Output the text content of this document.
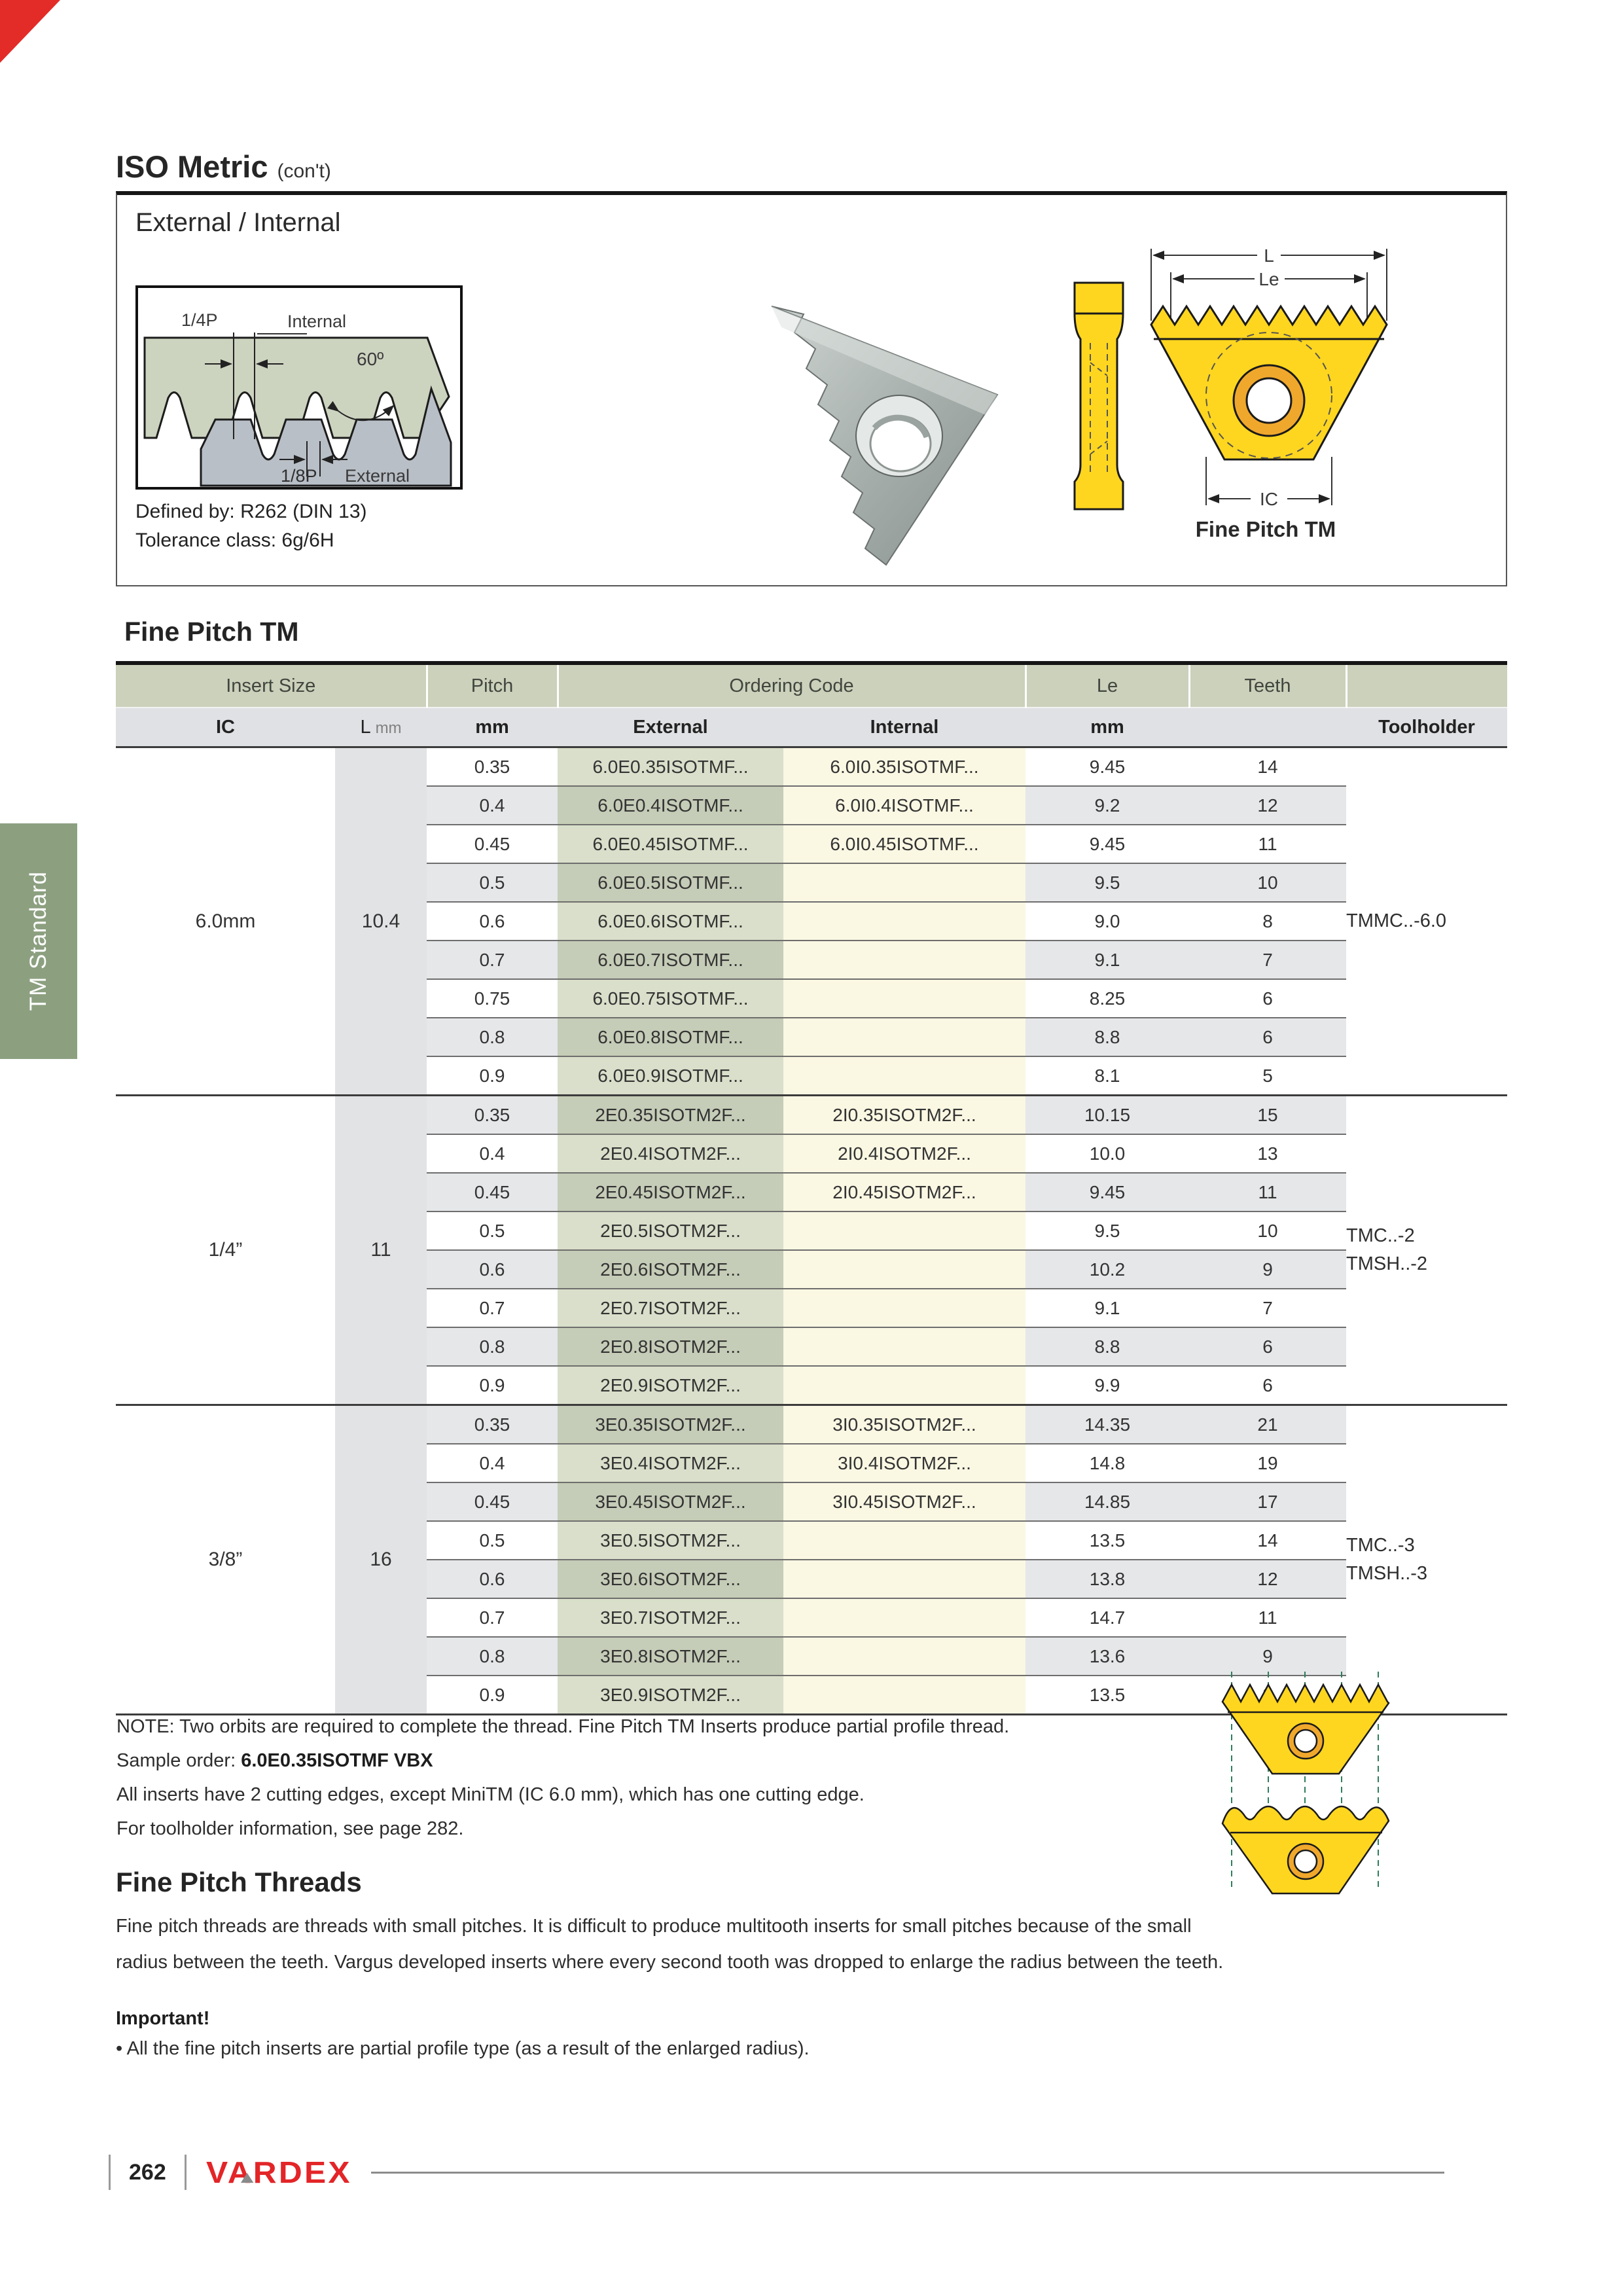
TM Standard
ISO Metric (con't)
External / Internal
1/4P	Internal
60º
1/8P External
Defined by: R262 (DIN 13)
Tolerance class: 6g/6H
L
Le
IC
Fine Pitch TM
Fine Pitch TM
Insert Size		Pitch	Ordering Code		Le	Teeth	
IC	L mm	mm	External	Internal	mm		Toolholder
6.0mm	10.4	0.35	6.0E0.35ISOTMF...	6.0I0.35ISOTMF...	9.45	14	TMMC..-6.0

		0.4	6.0E0.4ISOTMF...	6.0I0.4ISOTMF...	9.2	12	
		0.45	6.0E0.45ISOTMF...	6.0I0.45ISOTMF...	9.45	11	
		0.5	6.0E0.5ISOTMF...		9.5	10	
		0.6	6.0E0.6ISOTMF...		9.0	8	
		0.7	6.0E0.7ISOTMF...		9.1	7	
		0.75	6.0E0.75ISOTMF...		8.25	6	
		0.8	6.0E0.8ISOTMF...		8.8	6	
		0.9	6.0E0.9ISOTMF...		8.1	5	
1/4”	11	0.35	2E0.35ISOTM2F...	2I0.35ISOTM2F...	10.15	15	TMC..-2
TMSH..-2

		0.4	2E0.4ISOTM2F...	2I0.4ISOTM2F...	10.0	13	
		0.45	2E0.45ISOTM2F...	2I0.45ISOTM2F...	9.45	11	
		0.5	2E0.5ISOTM2F...		9.5	10	
		0.6	2E0.6ISOTM2F...		10.2	9	
		0.7	2E0.7ISOTM2F...		9.1	7	
		0.8	2E0.8ISOTM2F...		8.8	6	
		0.9	2E0.9ISOTM2F...		9.9	6	
3/8”	16	0.35	3E0.35ISOTM2F...	3I0.35ISOTM2F...	14.35	21	TMC..-3
TMSH..-3

		0.4	3E0.4ISOTM2F...	3I0.4ISOTM2F...	14.8	19	
		0.45	3E0.45ISOTM2F...	3I0.45ISOTM2F...	14.85	17	
		0.5	3E0.5ISOTM2F...		13.5	14	
		0.6	3E0.6ISOTM2F...		13.8	12	
		0.7	3E0.7ISOTM2F...		14.7	11	
		0.8	3E0.8ISOTM2F...		13.6	9	
		0.9	3E0.9ISOTM2F...		13.5	
NOTE: Two orbits are required to complete the thread. Fine Pitch TM Inserts produce partial profile thread.
Sample order: 6.0E0.35ISOTMF VBX
All inserts have 2 cutting edges, except MiniTM (IC 6.0 mm), which has one cutting edge.
For toolholder information, see page 282.
Fine Pitch Threads
Fine pitch threads are threads with small pitches. It is difficult to produce multitooth inserts for small pitches because of the small radius between the teeth. Vargus developed inserts where every second tooth was dropped to enlarge the radius between the teeth.
Important!
• All the fine pitch inserts are partial profile type (as a result of the enlarged radius).
262 VARDEX
